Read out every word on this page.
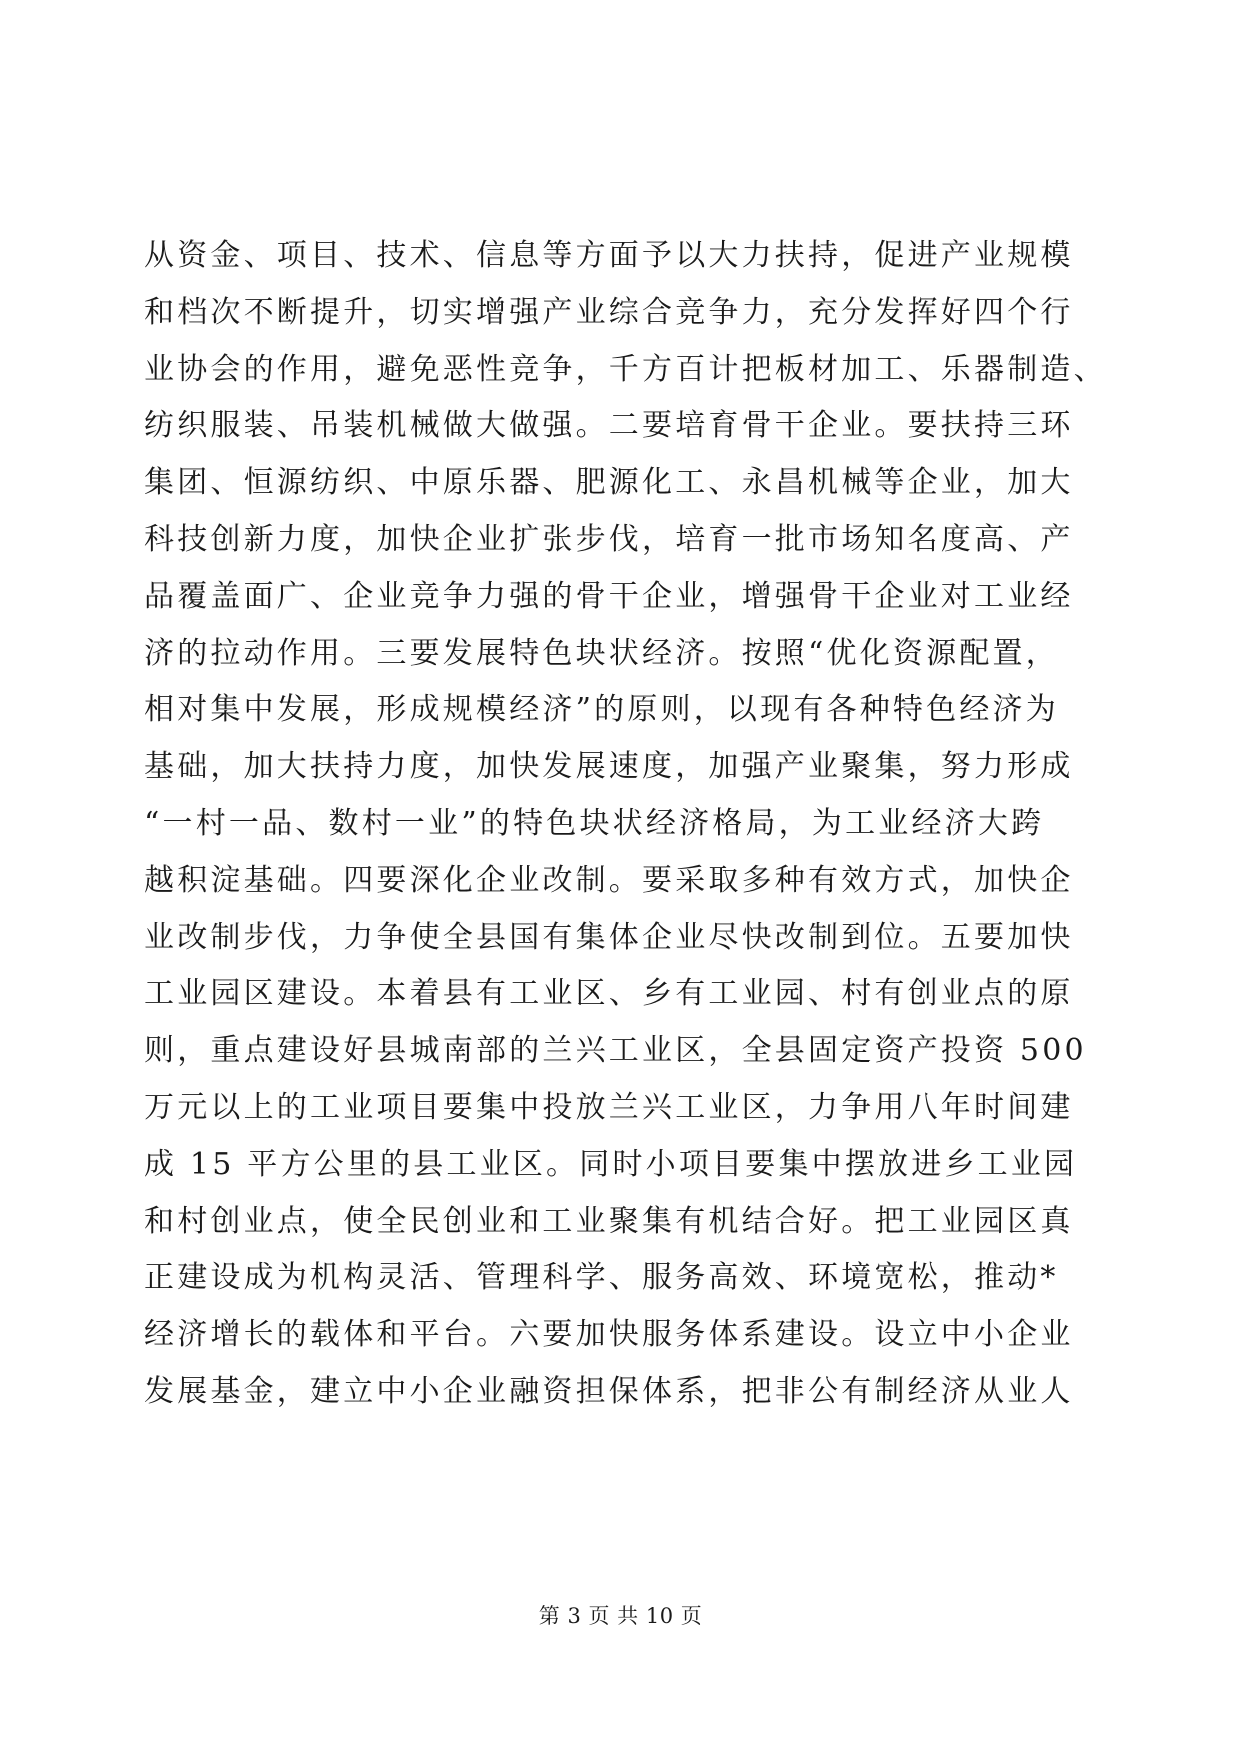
从资金、项目、技术、信息等方面予以大力扶持，促进产业规模

和档次不断提升，切实增强产业综合竞争力，充分发挥好四个行

业协会的作用，避免恶性竞争，千方百计把板材加工、乐器制造、

纺织服装、吊装机械做大做强。二要培育骨干企业。要扶持三环

集团、恒源纺织、中原乐器、肥源化工、永昌机械等企业，加大

科技创新力度，加快企业扩张步伐，培育一批市场知名度高、产

品覆盖面广、企业竞争力强的骨干企业，增强骨干企业对工业经

济的拉动作用。三要发展特色块状经济。按照“优化资源配置，

相对集中发展，形成规模经济”的原则，以现有各种特色经济为

基础，加大扶持力度，加快发展速度，加强产业聚集，努力形成

“一村一品、数村一业”的特色块状经济格局，为工业经济大跨

越积淀基础。四要深化企业改制。要采取多种有效方式，加快企

业改制步伐，力争使全县国有集体企业尽快改制到位。五要加快

工业园区建设。本着县有工业区、乡有工业园、村有创业点的原

则，重点建设好县城南部的兰兴工业区，全县固定资产投资 500

万元以上的工业项目要集中投放兰兴工业区，力争用八年时间建

成 15 平方公里的县工业区。同时小项目要集中摆放进乡工业园

和村创业点，使全民创业和工业聚集有机结合好。把工业园区真

正建设成为机构灵活、管理科学、服务高效、环境宽松，推动*

经济增长的载体和平台。六要加快服务体系建设。设立中小企业

发展基金，建立中小企业融资担保体系，把非公有制经济从业人

第 3 页 共 10 页
